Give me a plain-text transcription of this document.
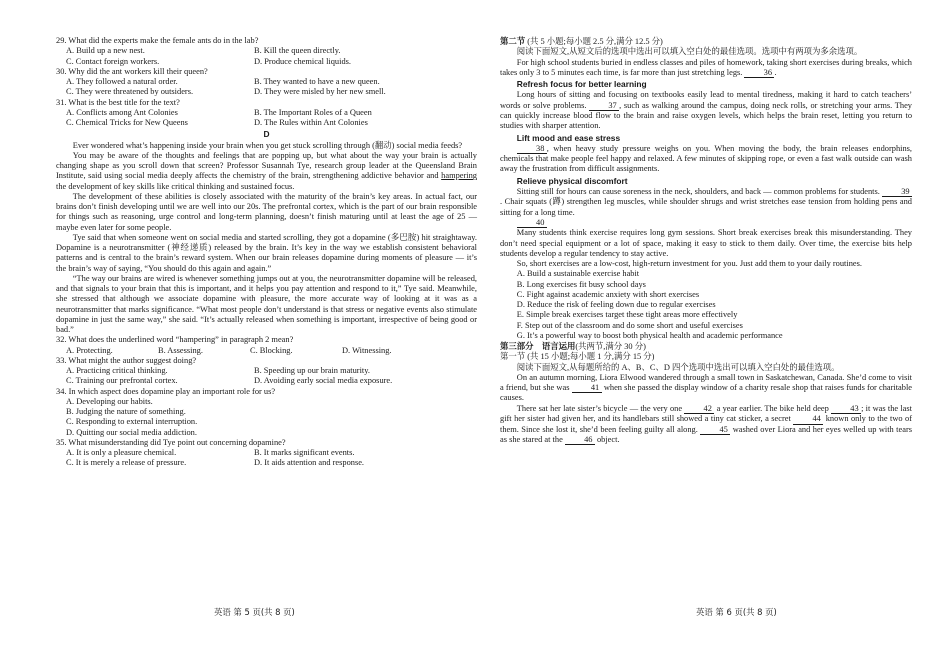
29. What did the experts make the female ants do in the lab?
A. Build up a new nest.	B. Kill the queen directly.
C. Contact foreign workers.	D. Produce chemical liquids.
30. Why did the ant workers kill their queen?
A. They followed a natural order.	B. They wanted to have a new queen.
C. They were threatened by outsiders.	D. They were misled by her new smell.
31. What is the best title for the text?
A. Conflicts among Ant Colonies	B. The Important Roles of a Queen
C. Chemical Tricks for New Queens	D. The Rules within Ant Colonies
D

Ever wondered what’s happening inside your brain when you get stuck scrolling through (翻动) social media feeds?

You may be aware of the thoughts and feelings that are popping up, but what about the way your brain is actually changing shape as you scroll down that screen? Professor Susannah Tye, research group leader at the Queensland Brain Institute, said using social media deeply affects the chemistry of the brain, strengthening addictive behavior and hampering the development of key skills like critical thinking and sustained focus.

The development of these abilities is closely associated with the maturity of the brain’s key areas. In actual fact, our brains don’t finish developing until we are well into our 20s. The prefrontal cortex, which is the part of our brain responsible for things such as reasoning, urge control and long-term planning, doesn’t finish maturing until at least the age of 25 — maybe even later for some people.

Tye said that when someone went on social media and started scrolling, they got a dopamine (多巴胺) hit straightaway. Dopamine is a neurotransmitter (神经递质) released by the brain. It’s key in the way we establish consistent behavioral patterns and is central to the brain’s reward system. When our brain releases dopamine during moments of pleasure — it’s the brain’s way of saying, “You should do this again and again.”

“The way our brains are wired is whenever something jumps out at you, the neurotransmitter dopamine will be released, and that signals to your brain that this is important, and it helps you pay attention and respond to it,” Tye said. Meanwhile, she stressed that although we associate dopamine with pleasure, the more accurate way of looking at it was as a neurotransmitter that marks significance. “What most people don’t understand is that stress or negative events also stimulate dopamine in just the same way,” she said. “It’s actually released when something is important, irrespective of being good or bad.”

32. What does the underlined word “hampering” in paragraph 2 mean?
A. Protecting.	B. Assessing.	C. Blocking.	D. Witnessing.
33. What might the author suggest doing?
A. Practicing critical thinking.	B. Speeding up our brain maturity.
C. Training our prefrontal cortex.	D. Avoiding early social media exposure.
34. In which aspect does dopamine play an important role for us?
A. Developing our habits.
B. Judging the nature of something.
C. Responding to external interruption.
D. Quitting our social media addiction.
35. What misunderstanding did Tye point out concerning dopamine?
A. It is only a pleasure chemical.	B. It marks significant events.
C. It is merely a release of pressure.	D. It aids attention and response.
第二节 (共 5 小题;每小题 2.5 分,满分 12.5 分)

阅读下面短文,从短文后的选项中选出可以填入空白处的最佳选项。选项中有两项为多余选项。

For high school students buried in endless classes and piles of homework, taking short exercises during breaks, which takes only 3 to 5 minutes each time, is far more than just stretching legs. 36 .

Refresh focus for better learning

Long hours of sitting and focusing on textbooks easily lead to mental tiredness, making it hard to catch teachers’ words or solve problems. 37 , such as walking around the campus, doing neck rolls, or stretching your arms. They can quickly increase blood flow to the brain and raise oxygen levels, which helps the brain reset, letting you return to studies with sharper attention.

Lift mood and ease stress

38 , when heavy study pressure weighs on you. When moving the body, the brain releases endorphins, chemicals that make people feel happy and relaxed. A few minutes of skipping rope, or even a fast walk outside can wash away the frustration from difficult assignments.

Relieve physical discomfort

Sitting still for hours can cause soreness in the neck, shoulders, and back — common problems for students. 39. Chair squats (蹲) strengthen leg muscles, while shoulder shrugs and wrist stretches ease tension from holding pens and sitting for a long time.

40

Many students think exercise requires long gym sessions. Short break exercises break this misunderstanding. They don’t need special equipment or a lot of space, making it easy to stick to them daily. Over time, the exercise bits help students develop a regular tendency to stay active.

So, short exercises are a low-cost, high-return investment for you. Just add them to your daily routines.

A. Build a sustainable exercise habit
B. Long exercises fit busy school days
C. Fight against academic anxiety with short exercises
D. Reduce the risk of feeling down due to regular exercises
E. Simple break exercises target these tight areas more effectively
F. Step out of the classroom and do some short and useful exercises
G. It’s a powerful way to boost both physical health and academic performance
第三部分　语言运用(共两节,满分 30 分)
第一节 (共 15 小题;每小题 1 分,满分 15 分)

阅读下面短文,从每题所给的 A、B、C、D 四个选项中选出可以填入空白处的最佳选项。

On an autumn morning, Liora Elwood wandered through a small town in Saskatchewan, Canada. She’d come to visit a friend, but she was 41 when she passed the display window of a charity resale shop that raises funds for charitable causes.

There sat her late sister’s bicycle — the very one 42 a year earlier. The bike held deep 43 ; it was the last gift her sister had given her, and its handlebars still showed a tiny cat sticker, a secret 44 known only to the two of them. Since she lost it, she’d been feeling guilty all along. 45 washed over Liora and her eyes welled up with tears as she stared at the 46 object.

英语 第 5 页(共 8 页)	英语 第 6 页(共 8 页)
